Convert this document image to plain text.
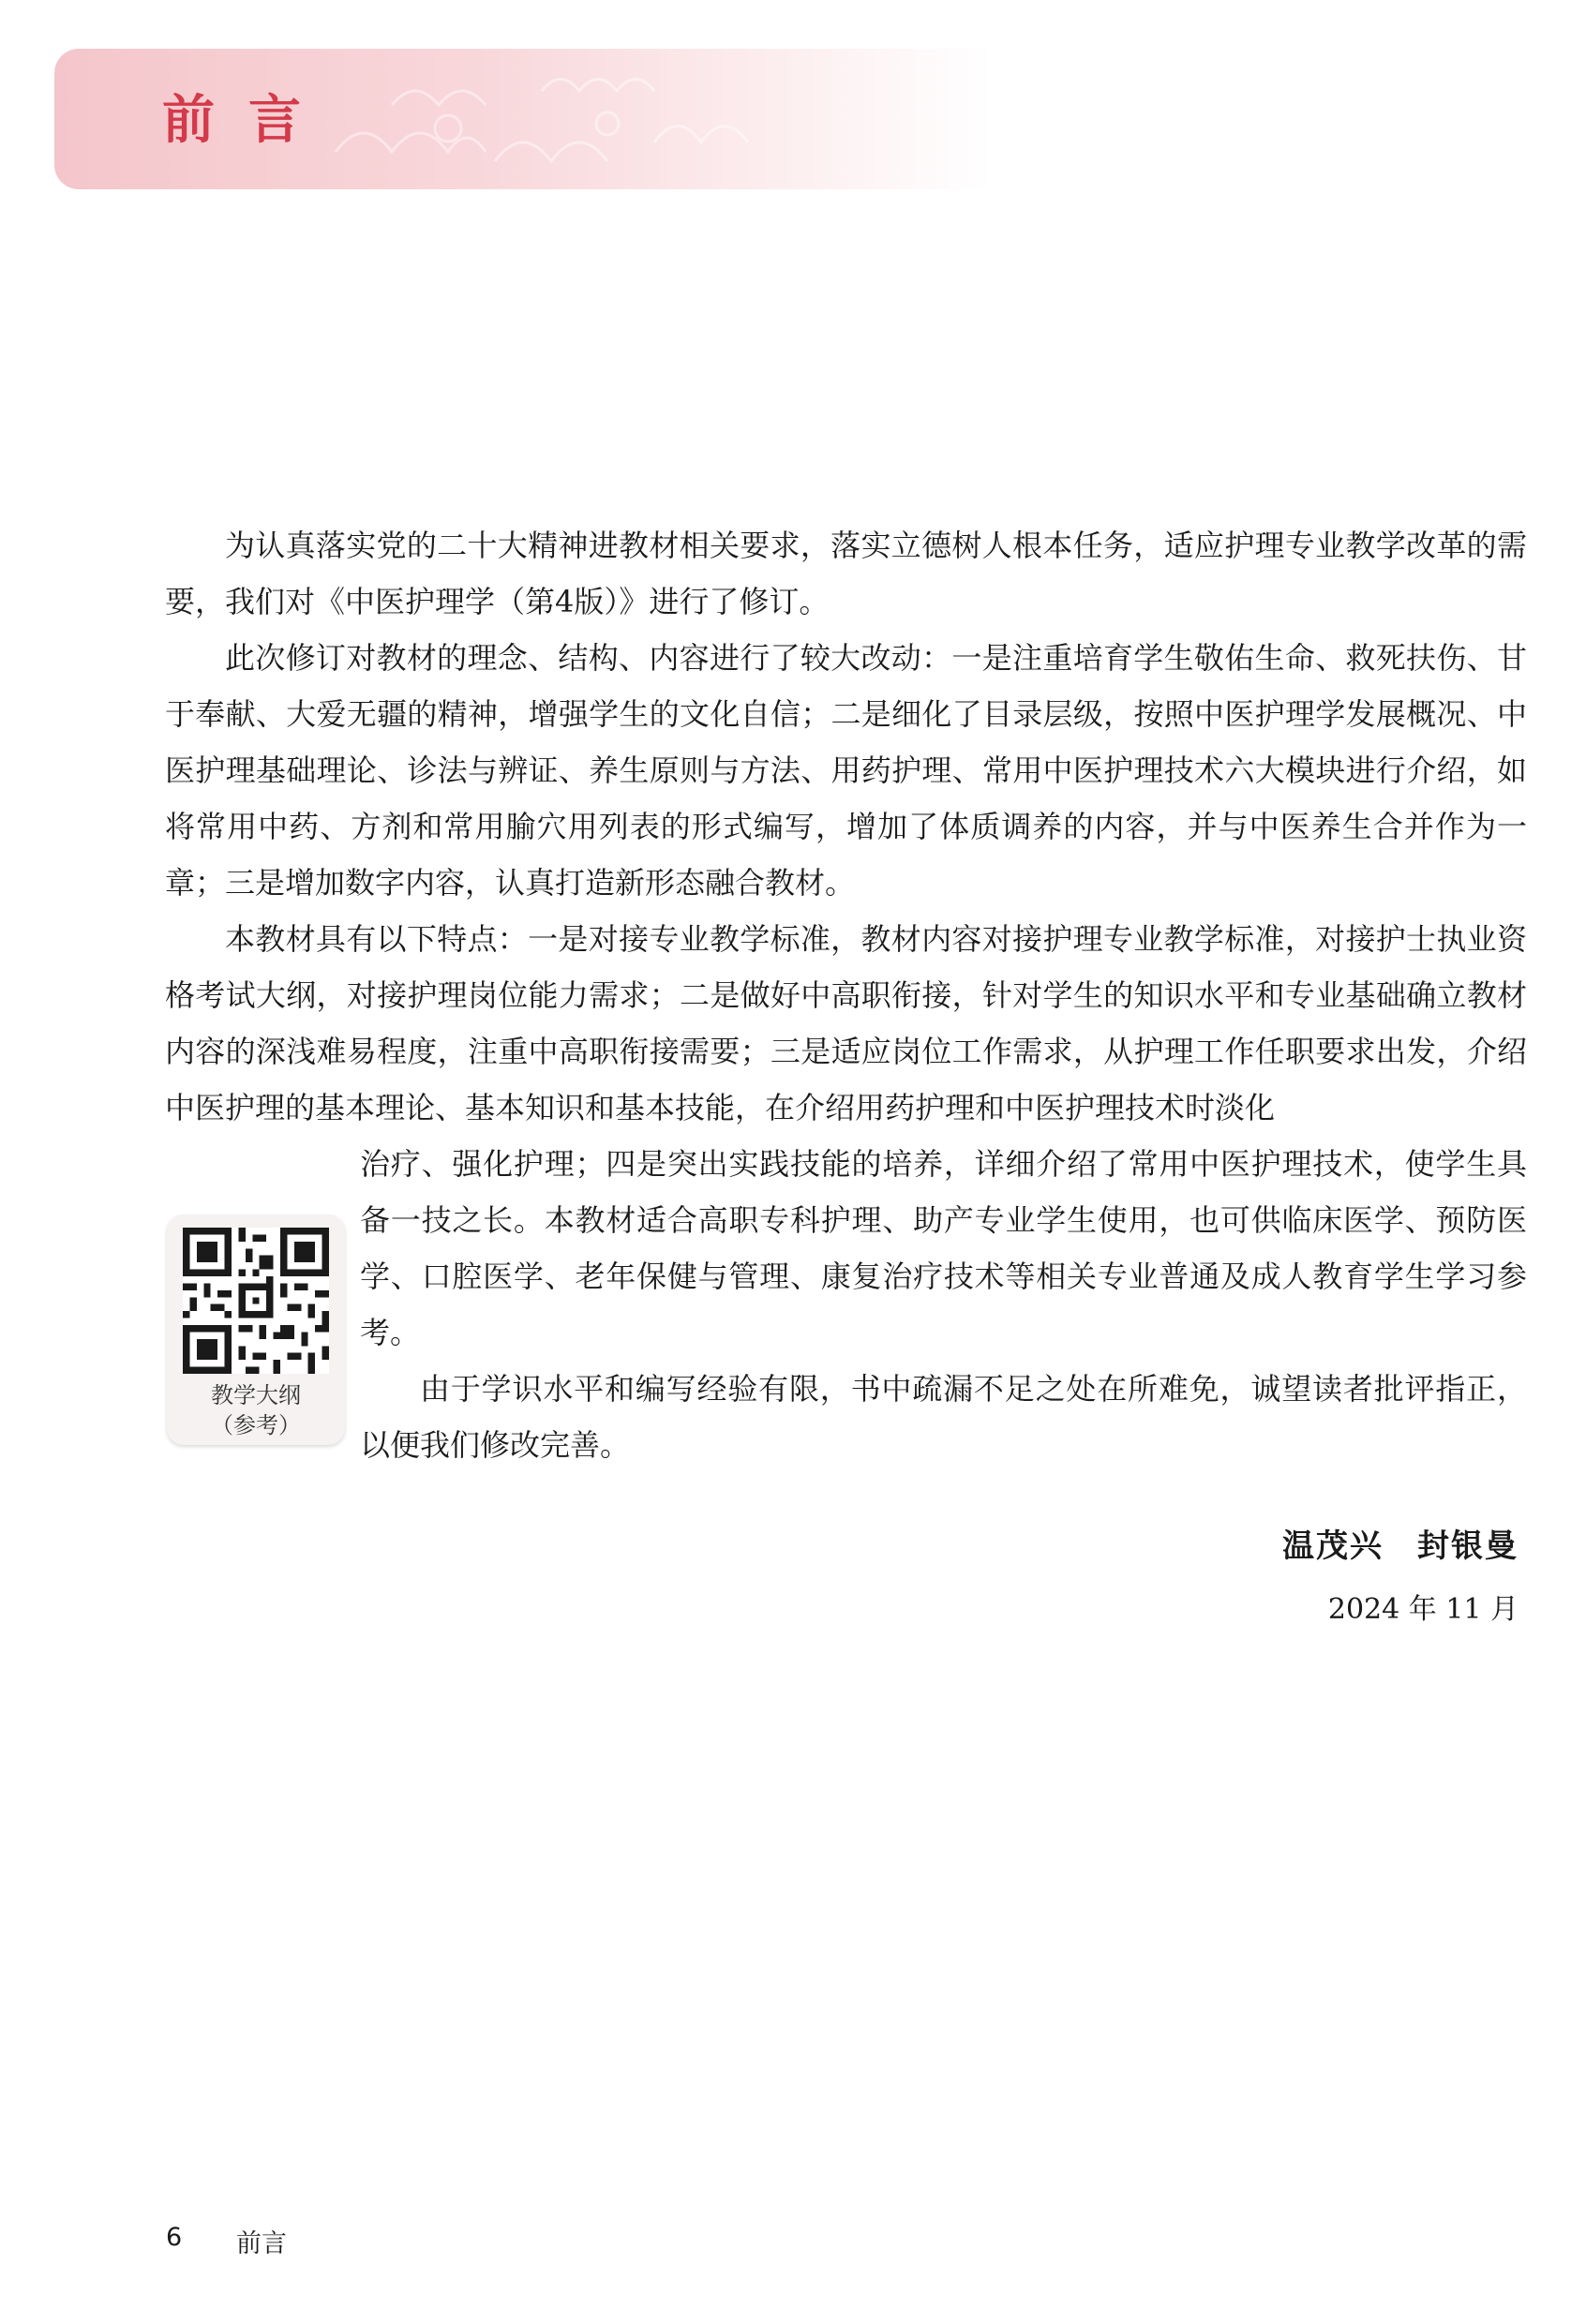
前言

为认真落实党的二十大精神进教材相关要求，落实立德树人根本任务，适应护理专业教学改革的需要，我们对《中医护理学（第4版）》进行了修订。

此次修订对教材的理念、结构、内容进行了较大改动：一是注重培育学生敬佑生命、救死扶伤、甘于奉献、大爱无疆的精神，增强学生的文化自信；二是细化了目录层级，按照中医护理学发展概况、中医护理基础理论、诊法与辨证、养生原则与方法、用药护理、常用中医护理技术六大模块进行介绍，如将常用中药、方剂和常用腧穴用列表的形式编写，增加了体质调养的内容，并与中医养生合并作为一章；三是增加数字内容，认真打造新形态融合教材。

本教材具有以下特点：一是对接专业教学标准，教材内容对接护理专业教学标准，对接护士执业资格考试大纲，对接护理岗位能力需求；二是做好中高职衔接，针对学生的知识水平和专业基础确立教材内容的深浅难易程度，注重中高职衔接需要；三是适应岗位工作需求，从护理工作任职要求出发，介绍中医护理的基本理论、基本知识和基本技能，在介绍用药护理和中医护理技术时淡化

治疗、强化护理；四是突出实践技能的培养，详细介绍了常用中医护理技术，使学生具备一技之长。本教材适合高职专科护理、助产专业学生使用，也可供临床医学、预防医学、口腔医学、老年保健与管理、康复治疗技术等相关专业普通及成人教育学生学习参考。

由于学识水平和编写经验有限，书中疏漏不足之处在所难免，诚望读者批评指正，以便我们修改完善。

教学大纲
（参考）
温茂兴　封银曼
2024 年 11 月
6 前言
